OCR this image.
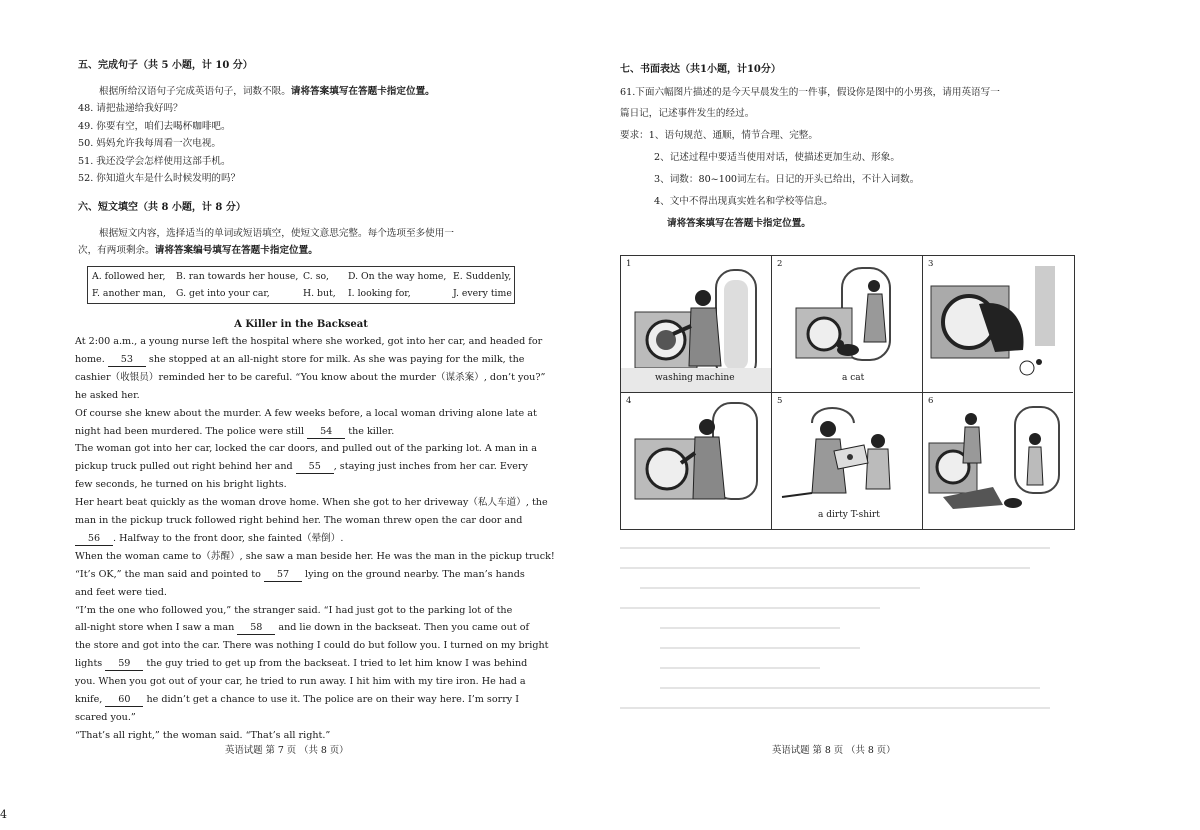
五、完成句子（共 5 小题，计 10 分）
根据所给汉语句子完成英语句子，词数不限。请将答案填写在答题卡指定位置。
48. 请把盐递给我好吗？
49. 你要有空，咱们去喝杯咖啡吧。
50. 妈妈允许我每周看一次电视。
51. 我还没学会怎样使用这部手机。
52. 你知道火车是什么时候发明的吗？
六、短文填空（共 8 小题，计 8 分）
根据短文内容，选择适当的单词或短语填空，使短文意思完整。每个选项至多使用一
次，有两项剩余。请将答案编号填写在答题卡指定位置。
A. followed her, B. ran towards her house, C. so, D. On the way home, E. Suddenly,
F. another man, G. get into your car,	H. but, I. looking for,	J. every time
A Killer in the Backseat
At 2:00 a.m., a young nurse left the hospital where she worked, got into her car, and headed for
home. 53 she stopped at an all-night store for milk. As she was paying for the milk, the
cashier（收银员）reminded her to be careful. “You know about the murder（谋杀案）, don’t you?”
he asked her.
Of course she knew about the murder. A few weeks before, a local woman driving alone late at
night had been murdered. The police were still 54 the killer.
The woman got into her car, locked the car doors, and pulled out of the parking lot. A man in a
pickup truck pulled out right behind her and 55 , staying just inches from her car. Every
few seconds, he turned on his bright lights.
Her heart beat quickly as the woman drove home. When she got to her driveway（私人车道）, the
man in the pickup truck followed right behind her. The woman threw open the car door and
56 . Halfway to the front door, she fainted（晕倒）.
When the woman came to（苏醒）, she saw a man beside her. He was the man in the pickup truck!
“It’s OK,” the man said and pointed to 57 lying on the ground nearby. The man’s hands
and feet were tied.
“I’m the one who followed you,” the stranger said. “I had just got to the parking lot of the
all-night store when I saw a man 58 and lie down in the backseat. Then you came out of
the store and got into the car. There was nothing I could do but follow you. I turned on my bright
lights 59 the guy tried to get up from the backseat. I tried to let him know I was behind
you. When you got out of your car, he tried to run away. I hit him with my tire iron. He had a
knife, 60 he didn’t get a chance to use it. The police are on their way here. I’m sorry I
scared you.”
“That’s all right,” the woman said. “That’s all right.”
英语试题 第 7 页 （共 8 页）
七、书面表达（共1小题，计10分）
61.下面六幅图片描述的是今天早晨发生的一件事，假设你是图中的小男孩，请用英语写一
篇日记，记述事件发生的经过。
要求：1、语句规范、通顺，情节合理、完整。
2、记述过程中要适当使用对话，使描述更加生动、形象。
3、词数：80~100词左右。日记的开头已给出，不计入词数。
4、文中不得出现真实姓名和学校等信息。
请将答案填写在答题卡指定位置。
英语试题 第 8 页 （共 8 页）
1
washing machine
2
a cat
3
4	5
a dirty T-shirt
6
4
